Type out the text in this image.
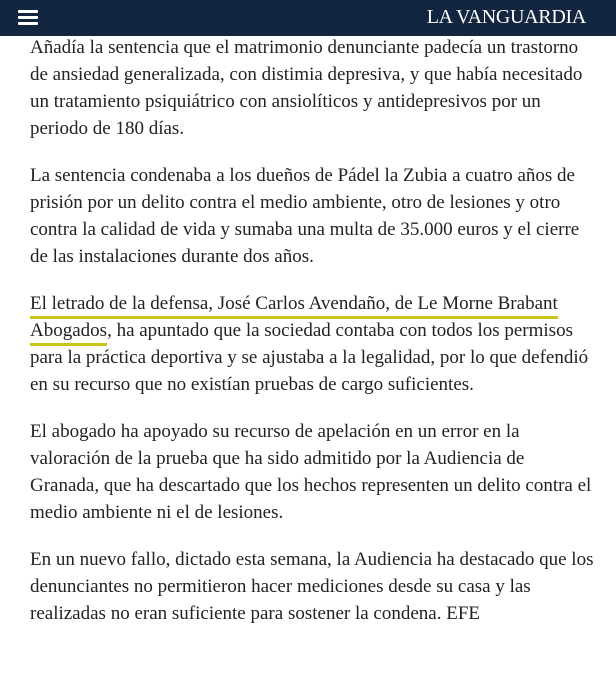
LA VANGUARDIA

Añadía la sentencia que el matrimonio denunciante padecía un trastorno de ansiedad generalizada, con distimia depresiva, y que había necesitado un tratamiento psiquiátrico con ansiolíticos y antidepresivos por un periodo de 180 días.

La sentencia condenaba a los dueños de Pádel la Zubia a cuatro años de prisión por un delito contra el medio ambiente, otro de lesiones y otro contra la calidad de vida y sumaba una multa de 35.000 euros y el cierre de las instalaciones durante dos años.

El letrado de la defensa, José Carlos Avendaño, de Le Morne Brabant Abogados, ha apuntado que la sociedad contaba con todos los permisos para la práctica deportiva y se ajustaba a la legalidad, por lo que defendió en su recurso que no existían pruebas de cargo suficientes.

El abogado ha apoyado su recurso de apelación en un error en la valoración de la prueba que ha sido admitido por la Audiencia de Granada, que ha descartado que los hechos representen un delito contra el medio ambiente ni el de lesiones.

En un nuevo fallo, dictado esta semana, la Audiencia ha destacado que los denunciantes no permitieron hacer mediciones desde su casa y las realizadas no eran suficiente para sostener la condena. EFE
